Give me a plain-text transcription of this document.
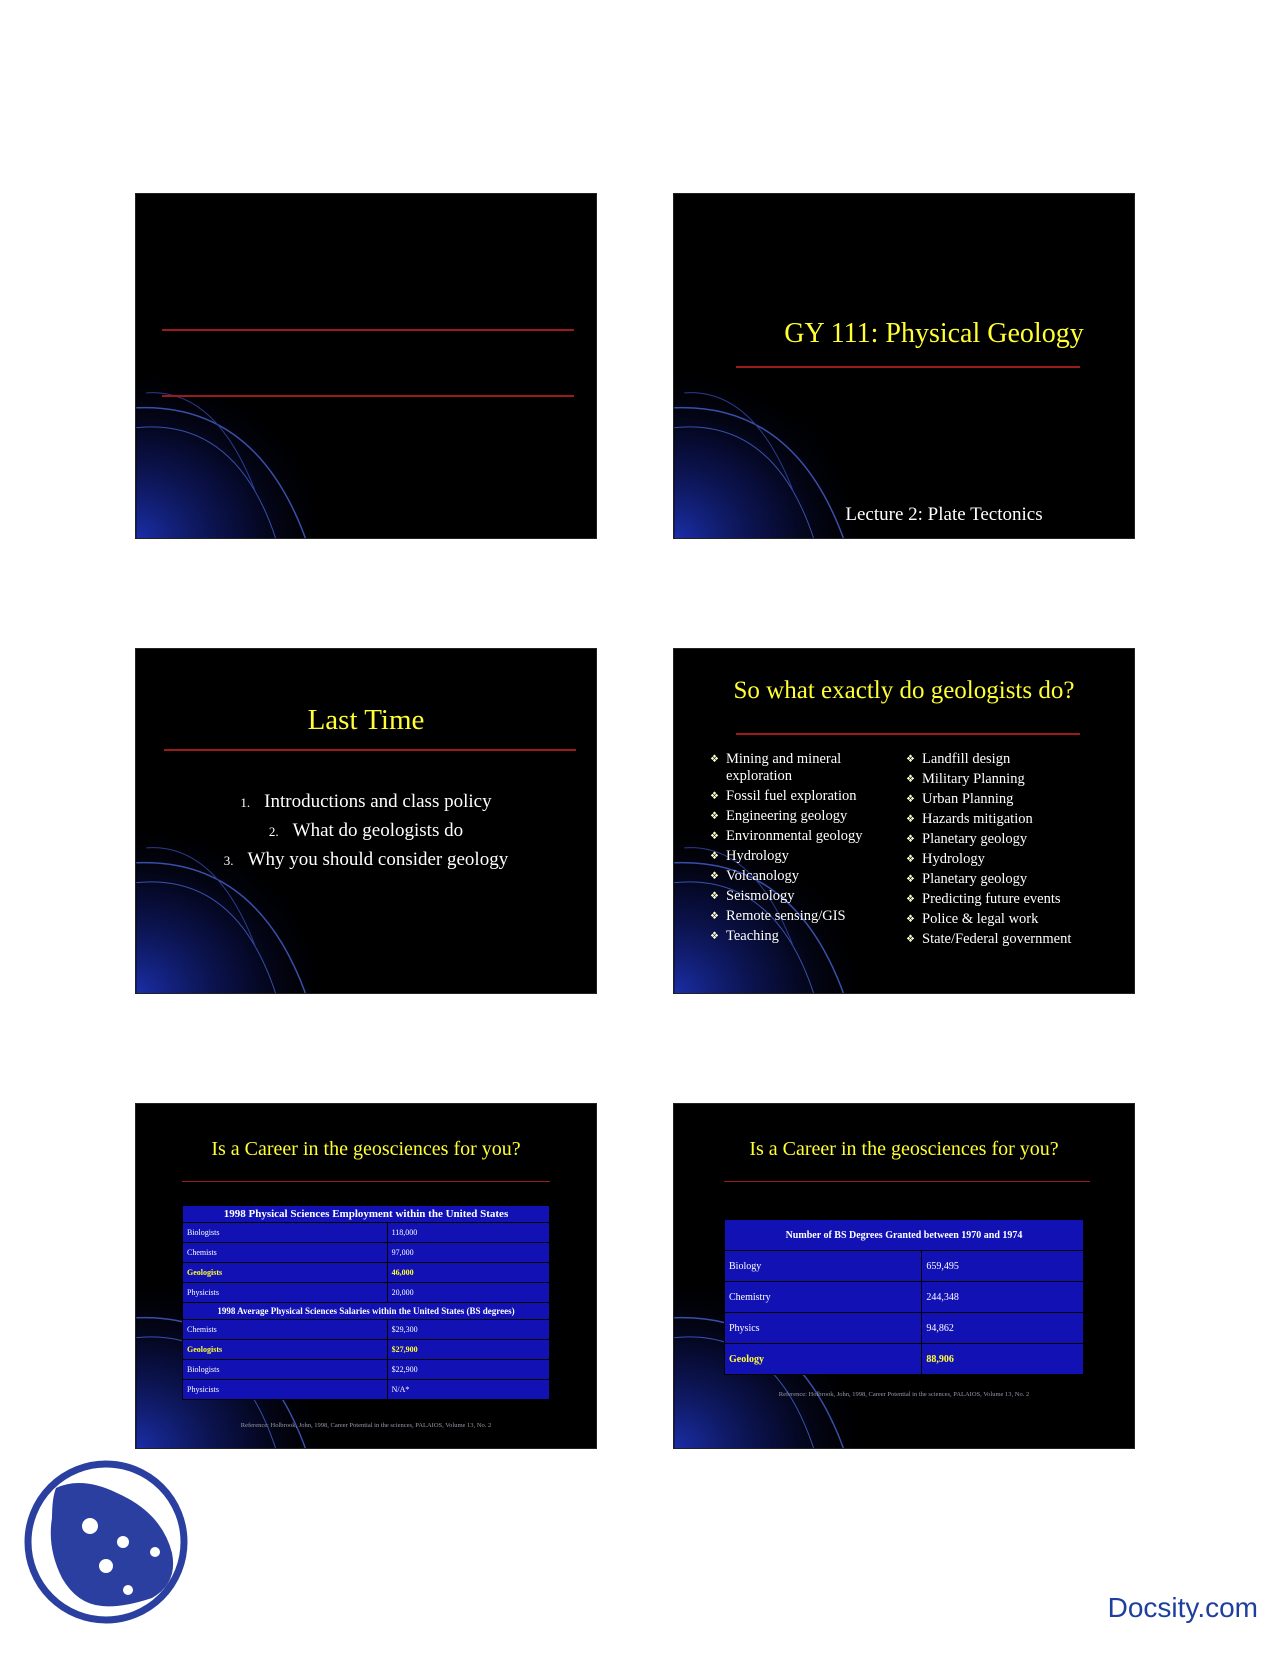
GY 111: Physical Geology
Lecture 2: Plate Tectonics
Last Time
1. Introductions and class policy
2. What do geologists do
3. Why you should consider geology
So what exactly do geologists do?
❖ Mining and mineral exploration
❖ Fossil fuel exploration
❖ Engineering geology
❖ Environmental geology
❖ Hydrology
❖ Volcanology
❖ Seismology
❖ Remote sensing/GIS
❖ Teaching
❖ Landfill design
❖ Military Planning
❖ Urban Planning
❖ Hazards mitigation
❖ Planetary geology
❖ Hydrology
❖ Planetary geology
❖ Predicting future events
❖ Police & legal work
❖ State/Federal government
Is a Career in the geosciences for you?
1998 Physical Sciences Employment within the United States	
Biologists	118,000
Chemists	97,000
Geologists	46,000
Physicists	20,000
1998 Average Physical Sciences Salaries within the United States (BS degrees)	
Chemists	$29,300
Geologists	$27,900
Biologists	$22,900
Physicists	N/A*
Reference: Holbrook, John, 1998, Career Potential in the sciences, PALAIOS, Volume 13, No. 2
Is a Career in the geosciences for you?
Number of BS Degrees Granted between 1970 and 1974	
Biology	659,495
Chemistry	244,348
Physics	94,862
Geology	88,906
Reference: Holbrook, John, 1998, Career Potential in the sciences, PALAIOS, Volume 13, No. 2
Docsity.com
